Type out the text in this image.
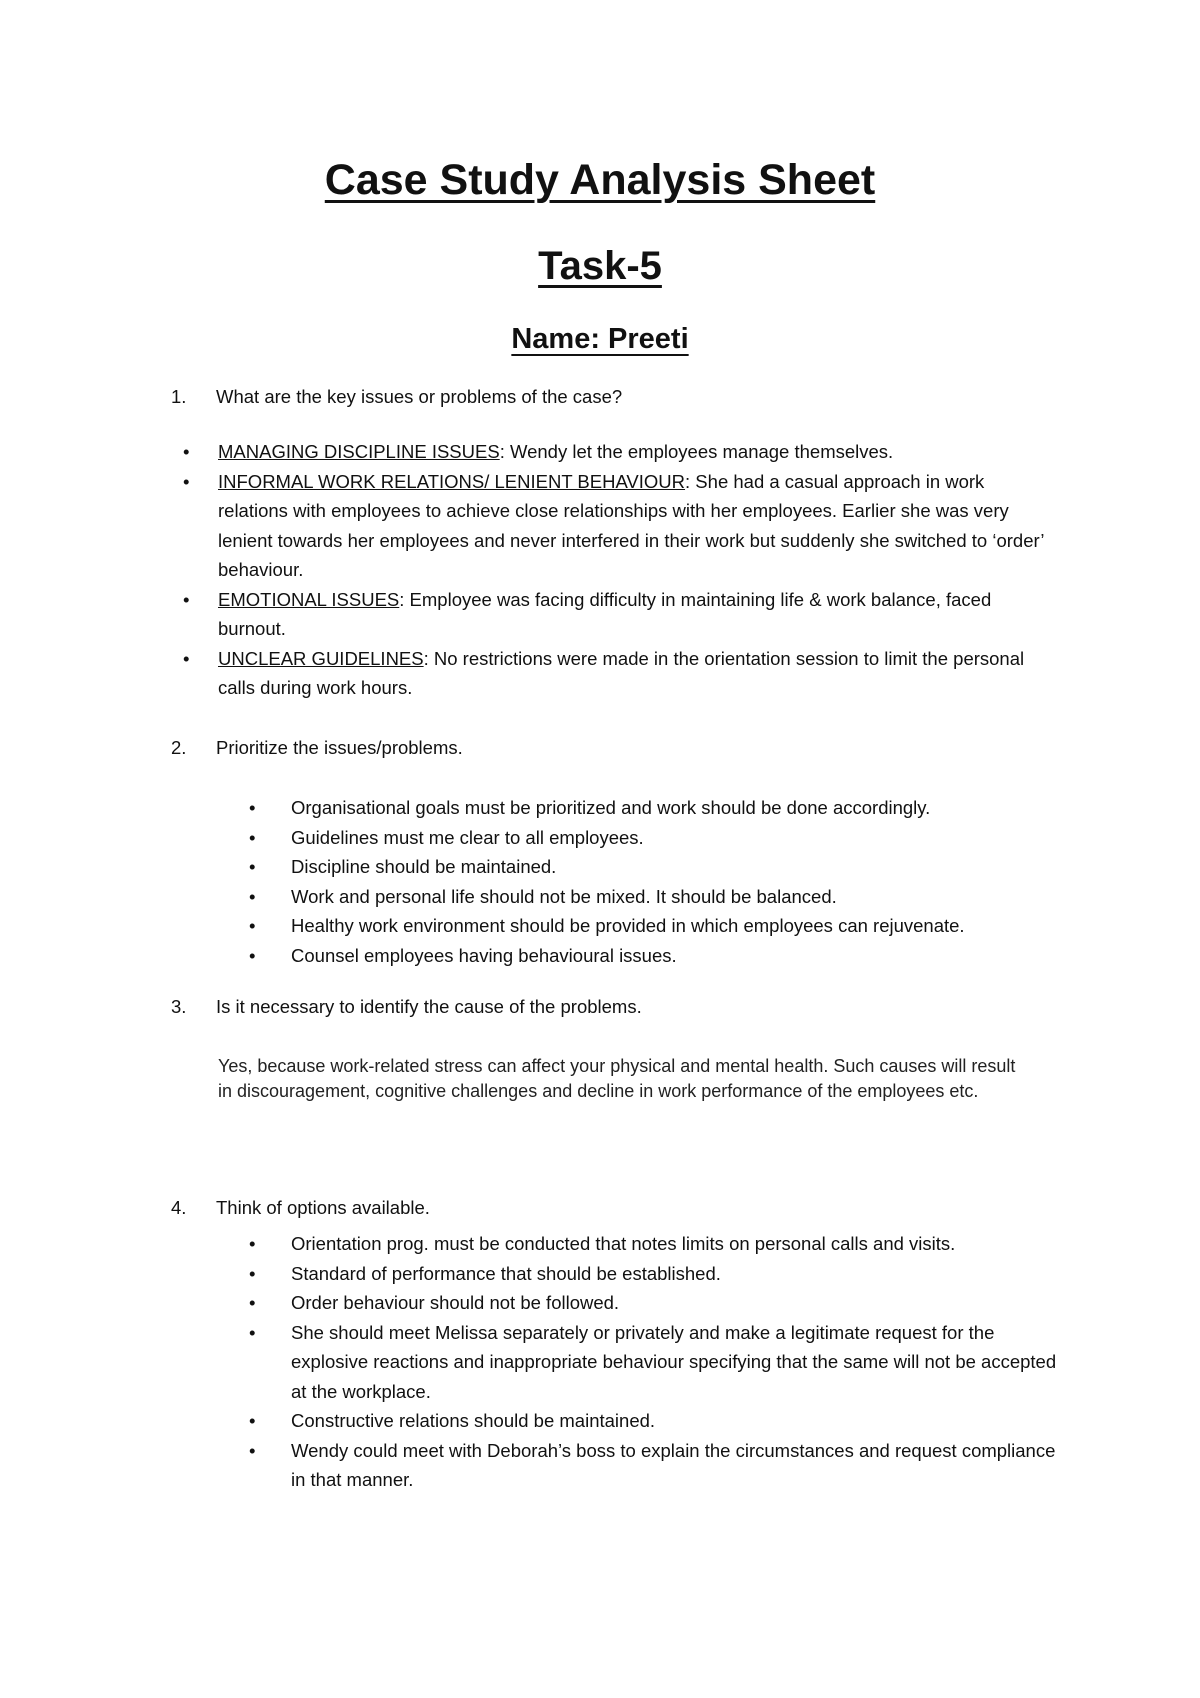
Case Study Analysis Sheet
Task-5
Name: Preeti
1. What are the key issues or problems of the case?
• MANAGING DISCIPLINE ISSUES: Wendy let the employees manage themselves.
• INFORMAL WORK RELATIONS/ LENIENT BEHAVIOUR: She had a casual approach in work relations with employees to achieve close relationships with her employees. Earlier she was very lenient towards her employees and never interfered in their work but suddenly she switched to ‘order’ behaviour.
• EMOTIONAL ISSUES: Employee was facing difficulty in maintaining life & work balance, faced burnout.
• UNCLEAR GUIDELINES: No restrictions were made in the orientation session to limit the personal calls during work hours.
2. Prioritize the issues/problems.
• Organisational goals must be prioritized and work should be done accordingly.
• Guidelines must me clear to all employees.
• Discipline should be maintained.
• Work and personal life should not be mixed. It should be balanced.
• Healthy work environment should be provided in which employees can rejuvenate.
• Counsel employees having behavioural issues.
3. Is it necessary to identify the cause of the problems.
Yes, because work-related stress can affect your physical and mental health. Such causes will result in discouragement, cognitive challenges and decline in work performance of the employees etc.
4. Think of options available.
• Orientation prog. must be conducted that notes limits on personal calls and visits.
• Standard of performance that should be established.
• Order behaviour should not be followed.
• She should meet Melissa separately or privately and make a legitimate request for the explosive reactions and inappropriate behaviour specifying that the same will not be accepted at the workplace.
• Constructive relations should be maintained.
• Wendy could meet with Deborah’s boss to explain the circumstances and request compliance in that manner.
